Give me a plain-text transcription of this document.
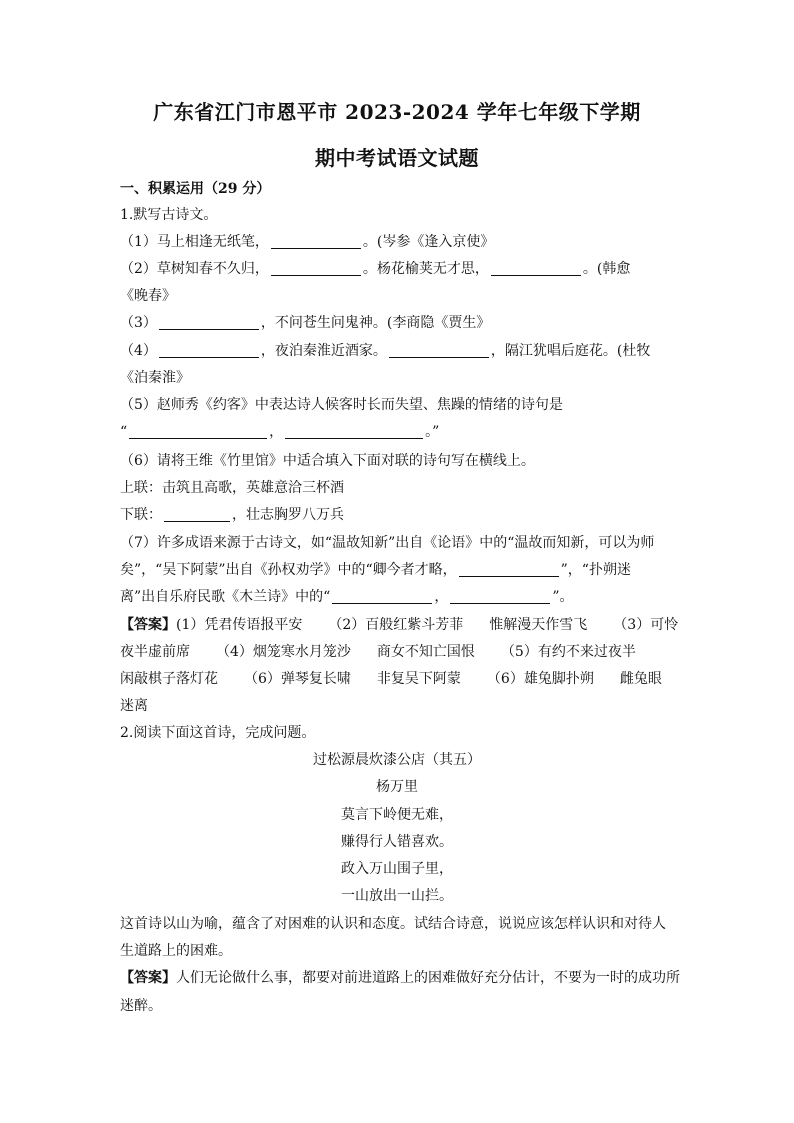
广东省江门市恩平市 2023-2024 学年七年级下学期
期中考试语文试题
一、积累运用（29 分）
1.默写古诗文。
（1）马上相逢无纸笔，	。(岑参《逢入京使》
（2）草树知春不久归，	。杨花榆荚无才思，	。(韩愈
《晚春》
（3）	，不问苍生问鬼神。(李商隐《贾生》
（4）	，夜泊秦淮近酒家。	，隔江犹唱后庭花。(杜牧
《泊秦淮》
（5）赵师秀《约客》中表达诗人候客时长而失望、焦躁的情绪的诗句是
“	，	。”
（6）请将王维《竹里馆》中适合填入下面对联的诗句写在横线上。
上联：击筑且高歌，英雄意洽三杯酒
下联：	，壮志胸罗八万兵
（7）许多成语来源于古诗文，如“温故知新”出自《论语》中的“温故而知新，可以为师
矣”，“吴下阿蒙”出自《孙权劝学》中的“卿今者才略，	”，“扑朔迷
离”出自乐府民歌《木兰诗》中的“	，	”。
【答案】(1）凭君传语报平安 （2）百般红紫斗芳菲 惟解漫天作雪飞 （3）可怜
夜半虚前席 （4）烟笼寒水月笼沙 商女不知亡国恨 （5）有约不来过夜半
闲敲棋子落灯花 （6）弹琴复长啸 非复吴下阿蒙 （6）雄兔脚扑朔 雌兔眼
迷离
2.阅读下面这首诗，完成问题。
过松源晨炊漆公店（其五）
杨万里
莫言下岭便无难，
赚得行人错喜欢。
政入万山围子里，
一山放出一山拦。
这首诗以山为喻，蕴含了对困难的认识和态度。试结合诗意，说说应该怎样认识和对待人
生道路上的困难。
【答案】人们无论做什么事，都要对前进道路上的困难做好充分估计，不要为一时的成功所
迷醉。
